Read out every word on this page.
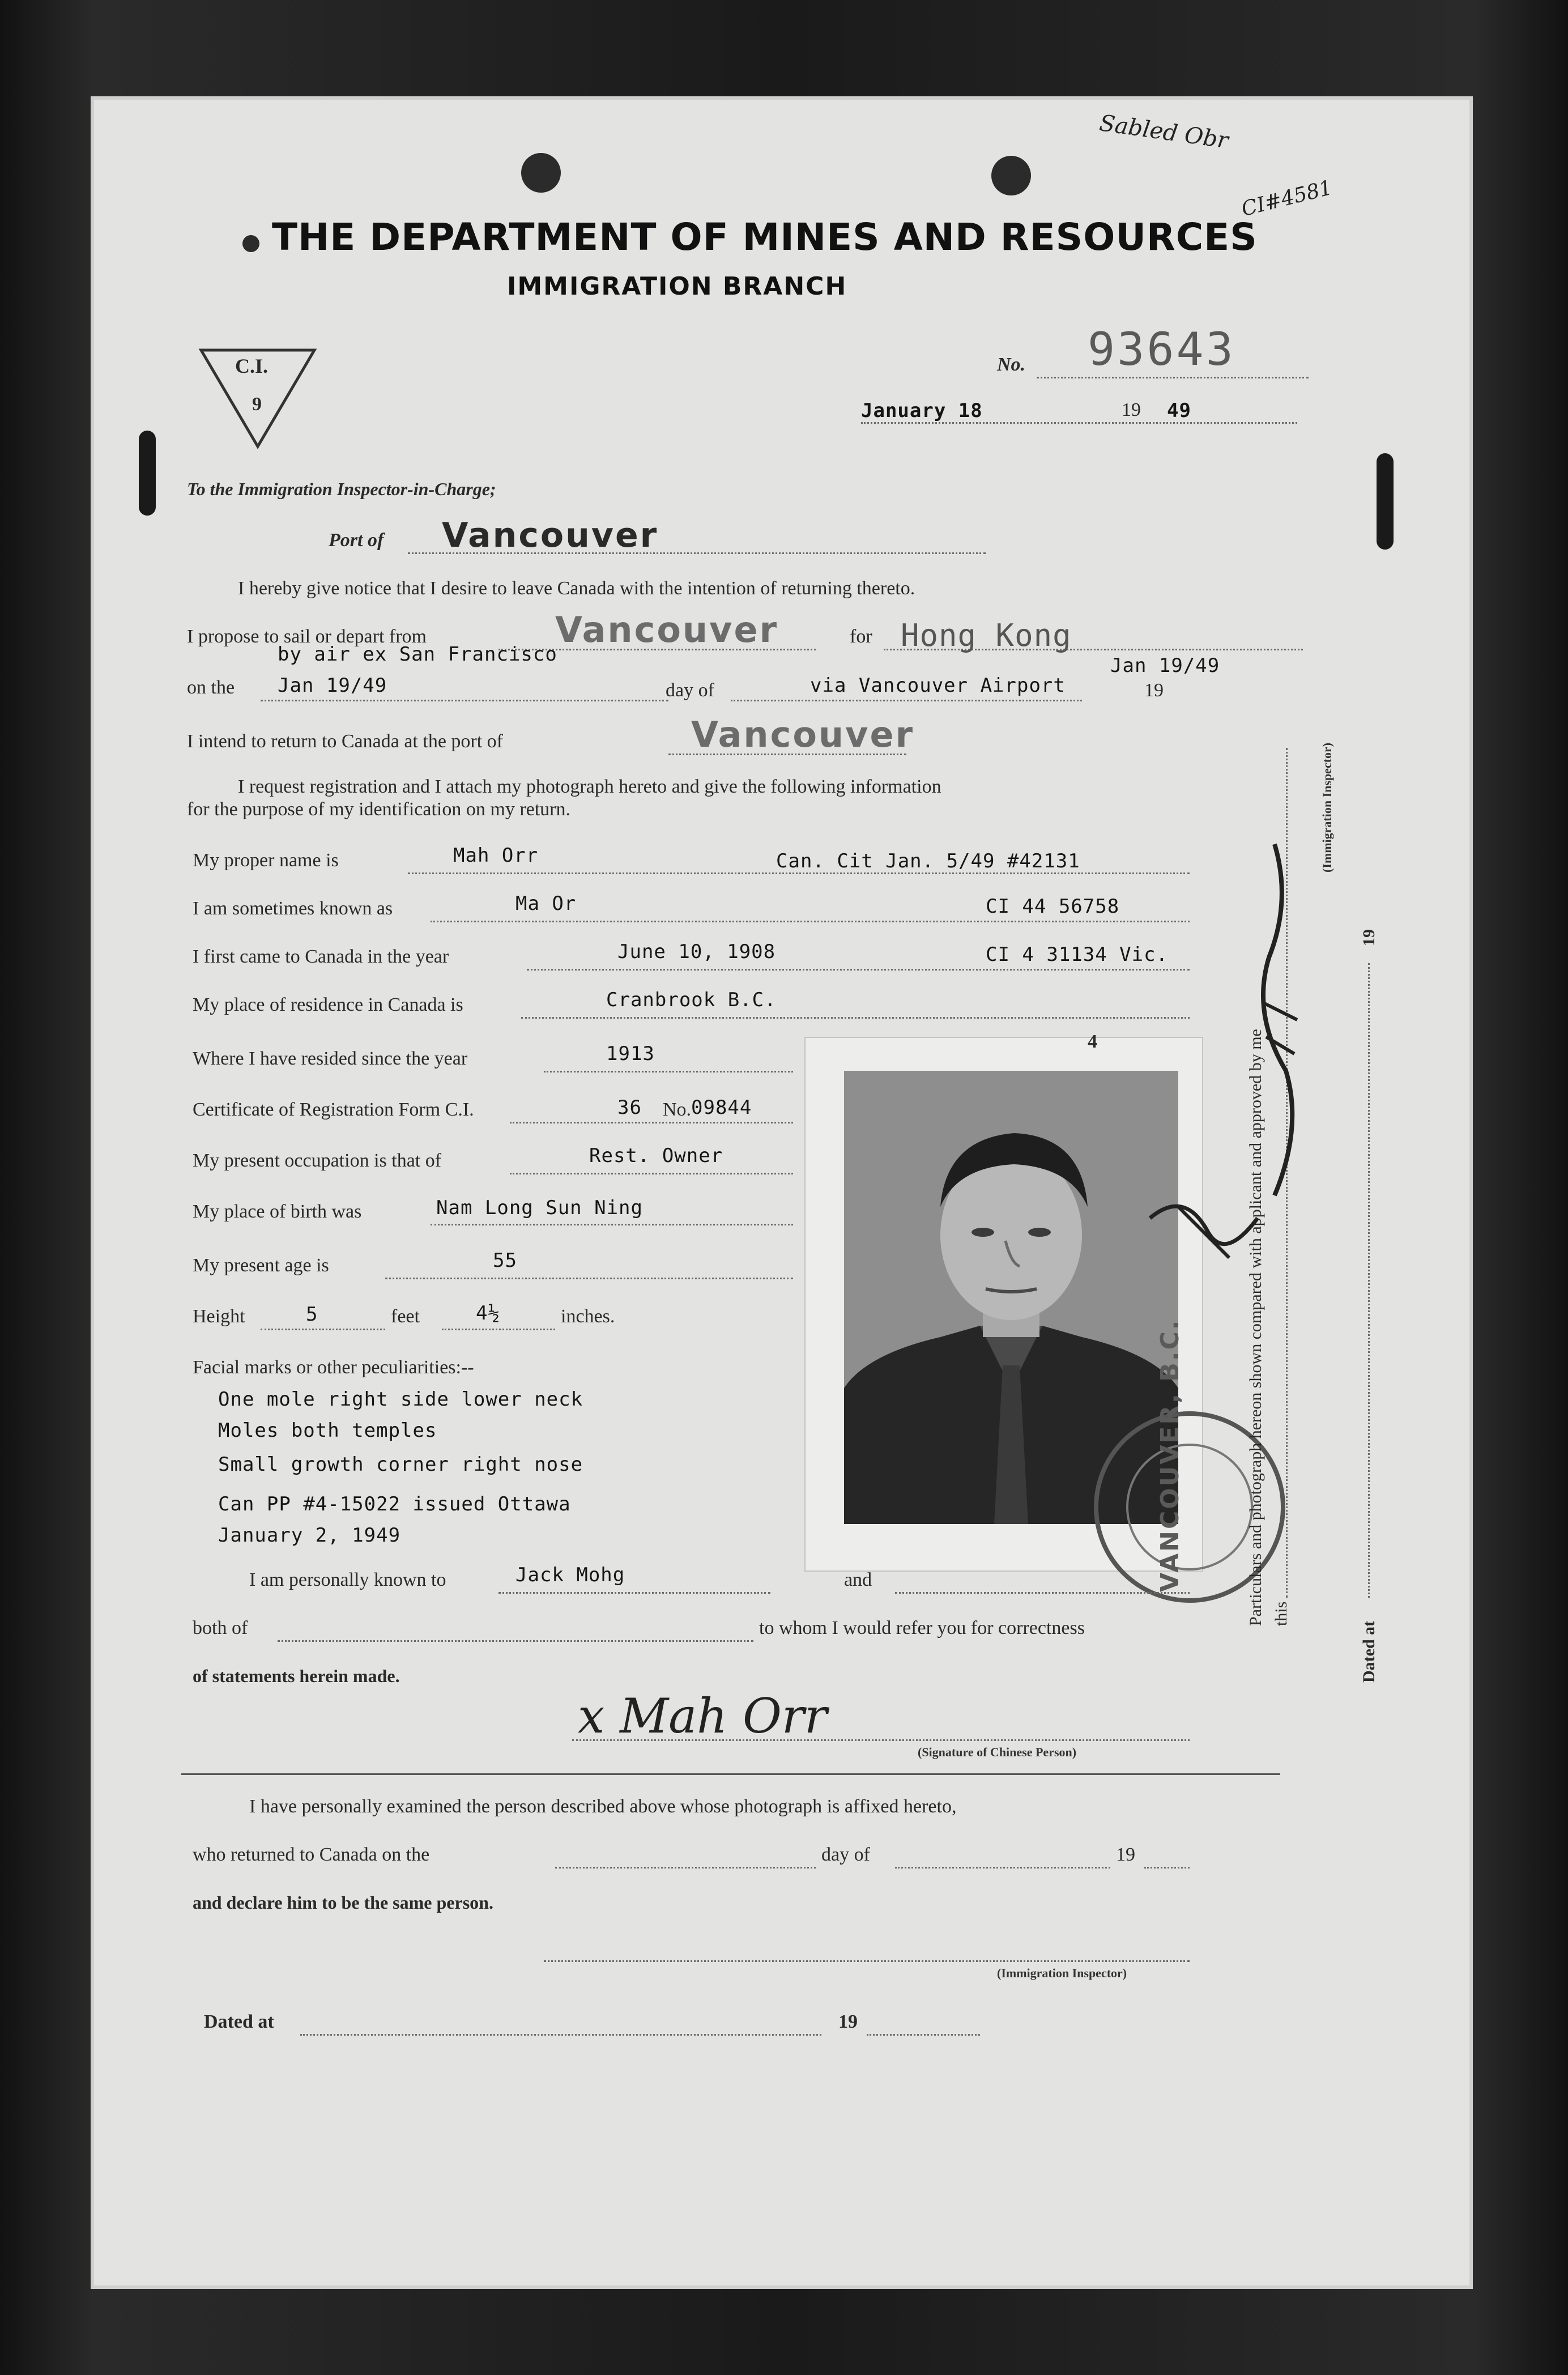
Sabled Obr
CI#4581
THE DEPARTMENT OF MINES AND RESOURCES
IMMIGRATION BRANCH
C.I.
9
No. 93643
January 18	19 49
To the Immigration Inspector-in-Charge;
Port of Vancouver
I hereby give notice that I desire to leave Canada with the intention of returning thereto.
I propose to sail or depart from	Vancouver	for Hong Kong
by air ex San Francisco	Jan 19/49
on the Jan 19/49	day of	via Vancouver Airport	19
I intend to return to Canada at the port of	Vancouver
I request registration and I attach my photograph hereto and give the following information
for the purpose of my identification on my return.
My proper name is	Mah Orr	Can. Cit Jan. 5/49 #42131
I am sometimes known as	Ma Or	CI 44 56758
I first came to Canada in the year	June 10, 1908	CI 4 31134 Vic.
My place of residence in Canada is	Cranbrook B.C.
Where I have resided since the year	1913
Certificate of Registration Form C.I.	36 No. 09844
My present occupation is that of	Rest. Owner
My place of birth was	Nam Long Sun Ning
My present age is	55
Height	5	feet	4½	inches.
Facial marks or other peculiarities:--
One mole right side lower neck
Moles both temples
Small growth corner right nose
Can PP #4-15022 issued Ottawa
January 2, 1949
4
VANCOUVER, B.C.	Particulars and photograph hereon shown compared with applicant and approved by me this
(Immigration Inspector)
Dated at
19
I am personally known to	Jack Mohg	and
both of	to whom I would refer you for correctness
of statements herein made.
x Mah Orr
(Signature of Chinese Person)
I have personally examined the person described above whose photograph is affixed hereto,
who returned to Canada on the	day of	19
and declare him to be the same person.
(Immigration Inspector)
Dated at	19
